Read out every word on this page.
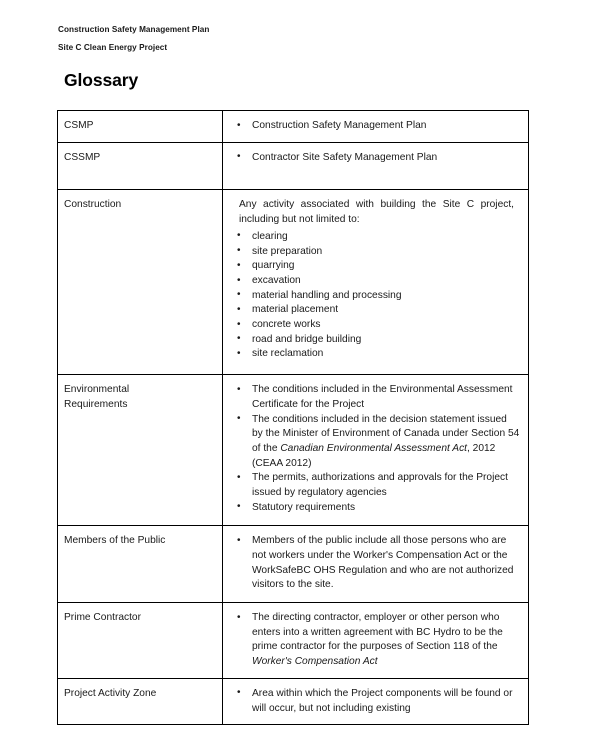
Construction Safety Management Plan
Site C Clean Energy Project
Glossary
CSMP

•Construction Safety Management Plan

CSSMP

•Contractor Site Safety Management Plan

Construction	Any activity associated with building the Site C project, including but not limited to:
• clearing
• site preparation
• quarrying
• excavation
• material handling and processing
• material placement
• concrete works
• road and bridge building
• site reclamation

Environmental
Requirements

• The conditions included in the Environmental Assessment Certificate for the Project
• The conditions included in the decision statement issued by the Minister of Environment of Canada under Section 54 of the Canadian Environmental Assessment Act, 2012 (CEAA 2012)
• The permits, authorizations and approvals for the Project issued by regulatory agencies
• Statutory requirements

Members of the Public

•Members of the public include all those persons who are not workers under the Worker's Compensation Act or the WorkSafeBC OHS Regulation and who are not authorized visitors to the site.

Prime Contractor

•The directing contractor, employer or other person who enters into a written agreement with BC Hydro to be the prime contractor for the purposes of Section 118 of the Worker's Compensation Act

Project Activity Zone

•Area within which the Project components will be found or will occur, but not including existing
